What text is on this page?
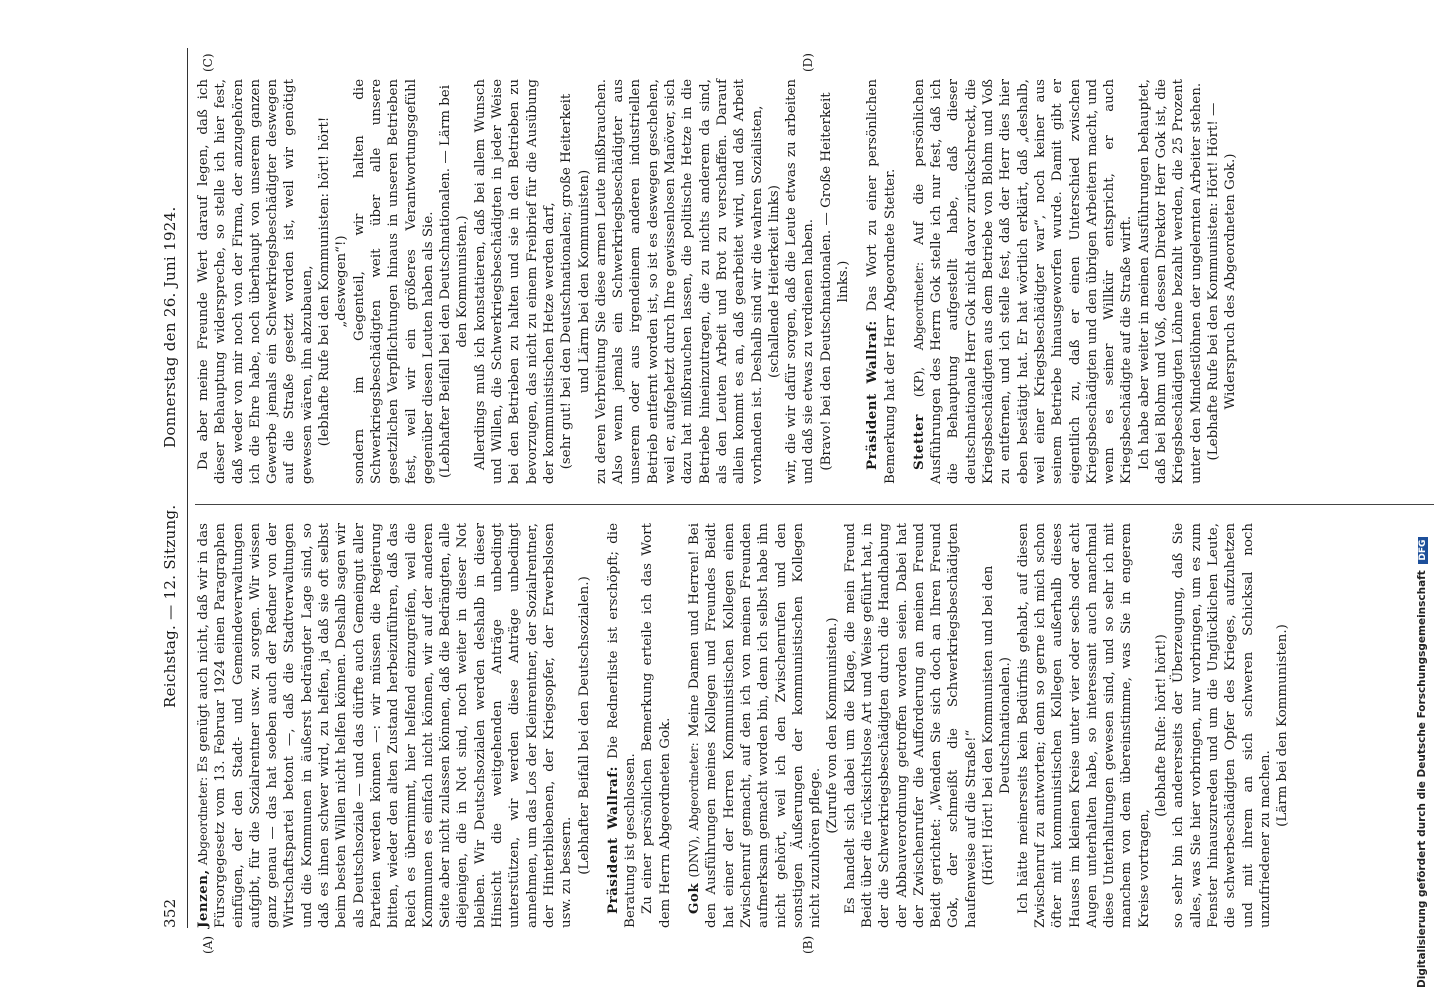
352
Reichstag. — 12. Sitzung.
Donnerstag den 26. Juni 1924.
(A)	(B)
(C)	(D)

Jenzen, Abgeordneter: Es genügt auch nicht, daß wir in das Fürsorgegesetz vom 13. Februar 1924 einen Paragraphen einfügen, der den Stadt- und Gemeindeverwaltungen aufgibt, für die Sozialrentner usw. zu sorgen. Wir wissen ganz genau — das hat soeben auch der Redner von der Wirtschaftspartei betont —, daß die Stadtverwaltungen und die Kommunen in äußerst bedrängter Lage sind, so daß es ihnen schwer wird, zu helfen, ja daß sie oft selbst beim besten Willen nicht helfen können. Deshalb sagen wir als Deutschsoziale — und das dürfte auch Gemeingut aller Parteien werden können —: wir müssen die Regierung bitten, wieder den alten Zustand herbeizuführen, daß das Reich es übernimmt, hier helfend einzugreifen, weil die Kommunen es einfach nicht können, wir auf der anderen Seite aber nicht zulassen können, daß die Bedrängten, alle diejenigen, die in Not sind, noch weiter in dieser Not bleiben. Wir Deutschsozialen werden deshalb in dieser Hinsicht die weitgehenden Anträge unbedingt unterstützen, wir werden diese Anträge unbedingt annehmen, um das Los der Kleinrentner, der Sozialrentner, der Hinterbliebenen, der Kriegsopfer, der Erwerbslosen usw. zu bessern. (Lebhafter Beifall bei den Deutschsozialen.) Präsident Wallraf: Die Rednerliste ist erschöpft; die Beratung ist geschlossen. Zu einer persönlichen Bemerkung erteile ich das Wort dem Herrn Abgeordneten Gok. Gok (DNV), Abgeordneter: Meine Damen und Herren! Bei den Ausführungen meines Kollegen und Freundes Beidt hat einer der Herren Kommunistischen Kollegen einen Zwischenruf gemacht, auf den ich von meinen Freunden aufmerksam gemacht worden bin, denn ich selbst habe ihn nicht gehört, weil ich den Zwischenrufen und den sonstigen Äußerungen der kommunistischen Kollegen nicht zuzuhören pflege.

(Zurufe von den Kommunisten.) Es handelt sich dabei um die Klage, die mein Freund Beidt über die rücksichtslose Art und Weise geführt hat, in der die Schwerkriegsbeschädigten durch die Handhabung der Abbauverordnung getroffen worden seien. Dabei hat der Zwischenrufer die Aufforderung an meinen Freund Beidt gerichtet: „Wenden Sie sich doch an Ihren Freund Gok, der schmeißt die Schwerkriegsbeschädigten haufenweise auf die Straße!“ (Hört! Hört! bei den Kommunisten und bei den Deutschnationalen.) Ich hätte meinerseits kein Bedürfnis gehabt, auf diesen Zwischenruf zu antworten; denn so gerne ich mich schon öfter mit kommunistischen Kollegen außerhalb dieses Hauses im kleinen Kreise unter vier oder sechs oder acht Augen unterhalten habe, so interessant auch manchmal diese Unterhaltungen gewesen sind, und so sehr ich mit manchem von dem übereinstimme, was Sie in engerem Kreise vortragen,

(lebhafte Rufe: hört! hört!) so sehr bin ich andererseits der Überzeugung, daß Sie alles, was Sie hier vorbringen, nur vorbringen, um es zum Fenster hinauszureden und um die Unglücklichen Leute, die schwerbeschädigten Opfer des Krieges, aufzuhetzen und mit ihrem an sich schweren Schicksal noch unzufriedener zu machen.

(Lärm bei den Kommunisten.)

Da aber meine Freunde Wert darauf legen, daß ich dieser Behauptung widerspreche, so stelle ich hier fest, daß weder von mir noch von der Firma, der anzugehören ich die Ehre habe, noch überhaupt von unserem ganzen Gewerbe jemals ein Schwerkriegsbeschädigter deswegen auf die Straße gesetzt worden ist, weil wir genötigt gewesen wären, ihn abzubauen, (lebhafte Rufe bei den Kommunisten: hört! hört! „deswegen“!) sondern im Gegenteil, wir halten die Schwerkriegsbeschädigten weit über alle unsere gesetzlichen Verpflichtungen hinaus in unseren Betrieben fest, weil wir ein größeres Verantwortungsgefühl gegenüber diesen Leuten haben als Sie. (Lebhafter Beifall bei den Deutschnationalen. — Lärm bei den Kommunisten.) Allerdings muß ich konstatieren, daß bei allem Wunsch und Willen, die Schwerkriegsbeschädigten in jeder Weise bei den Betrieben zu halten und sie in den Betrieben zu bevorzugen, das nicht zu einem Freibrief für die Ausübung der kommunistischen Hetze werden darf, (sehr gut! bei den Deutschnationalen; große Heiterkeit und Lärm bei den Kommunisten) zu deren Verbreitung Sie diese armen Leute mißbrauchen. Also wenn jemals ein Schwerkriegsbeschädigter aus unserem oder aus irgendeinem anderen industriellen Betrieb entfernt worden ist, so ist es deswegen geschehen, weil er, aufgehetzt durch Ihre gewissenlosen Manöver, sich dazu hat mißbrauchen lassen, die politische Hetze in die Betriebe hineinzutragen, die zu nichts anderem da sind, als den Leuten Arbeit und Brot zu verschaffen. Darauf allein kommt es an, daß gearbeitet wird, und daß Arbeit vorhanden ist. Deshalb sind wir die wahren Sozialisten, (schallende Heiterkeit links) wir, die wir dafür sorgen, daß die Leute etwas zu arbeiten und daß sie etwas zu verdienen haben. (Bravo! bei den Deutschnationalen. — Große Heiterkeit links.)

Präsident Wallraf: Das Wort zu einer persönlichen Bemerkung hat der Herr Abgeordnete Stetter. Stetter (KP), Abgeordneter: Auf die persönlichen Ausführungen des Herrn Gok stelle ich nur fest, daß ich die Behauptung aufgestellt habe, daß dieser deutschnationale Herr Gok nicht davor zurückschreckt, die Kriegsbeschädigten aus dem Betriebe von Blohm und Voß zu entfernen, und ich stelle fest, daß der Herr dies hier eben bestätigt hat. Er hat wörtlich erklärt, daß „deshalb, weil einer Kriegsbeschädigter war“, noch keiner aus seinem Betriebe hinausgeworfen wurde. Damit gibt er eigentlich zu, daß er einen Unterschied zwischen Kriegsbeschädigten und den übrigen Arbeitern macht, und wenn es seiner Willkür entspricht, er auch Kriegsbeschädigte auf die Straße wirft. Ich habe aber weiter in meinen Ausführungen behauptet, daß bei Blohm und Voß, dessen Direktor Herr Gok ist, die Kriegsbeschädigten Löhne bezahlt werden, die 25 Prozent unter den Mindestlöhnen der ungelernten Arbeiter stehen. (Lebhafte Rufe bei den Kommunisten: Hört! Hört! — Widerspruch des Abgeordneten Gok.)

Digitalisierung gefördert durch die Deutsche Forschungsgemeinschaft DFG
